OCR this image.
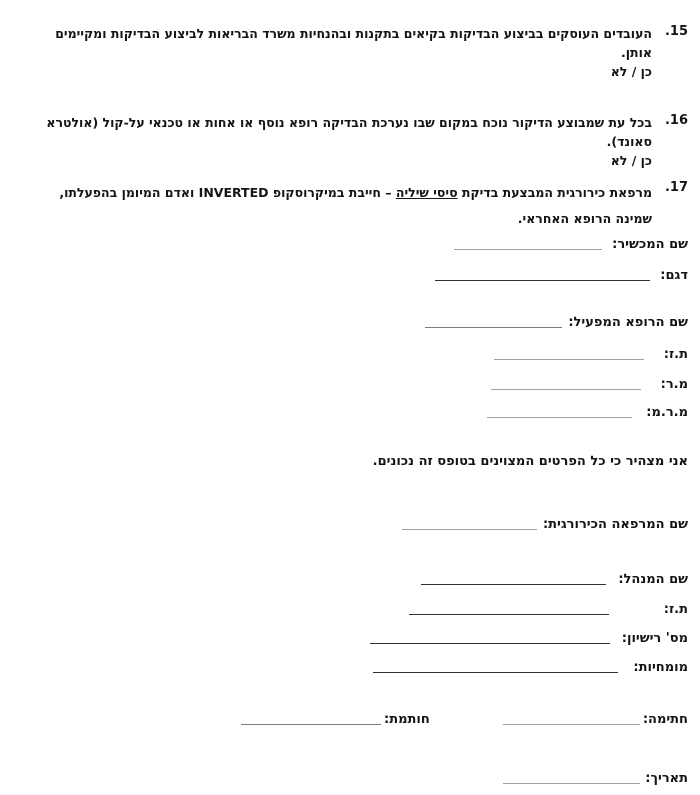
15.
העובדים העוסקים בביצוע הבדיקות בקיאים בתקנות ובהנחיות משרד הבריאות לביצוע הבדיקות ומקיימים
אותן.
כן / לא
16.
בכל עת שמבוצע הדיקור נוכח במקום שבו נערכת הבדיקה רופא נוסף או אחות או טכנאי על-קול (אולטרא
סאונד).
כן / לא
17.
מרפאת כירורגית המבצעת בדיקת סיסי שיליה – חייבת במיקרוסקופ INVERTED ואדם המיומן בהפעלתו,
שמינה הרופא האחראי.
שם המכשיר:
דגם:
שם הרופא המפעיל:
ת.ז:
מ.ר:
מ.ר.מ:
אני מצהיר כי כל הפרטים המצוינים בטופס זה נכונים.
שם המרפאה הכירורגית:
שם המנהל:
ת.ז:
מס' רישיון:
מומחיות:
חתימה:
חותמת:
תאריך:
